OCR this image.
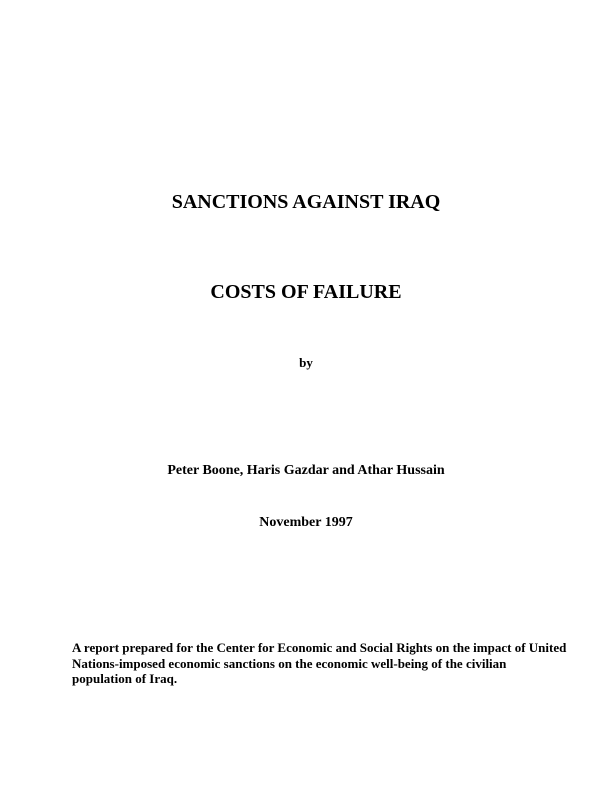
SANCTIONS AGAINST IRAQ
COSTS OF FAILURE
by
Peter Boone, Haris Gazdar and Athar Hussain
November 1997
A report prepared for the Center for Economic and Social Rights on the impact of United
Nations-imposed economic sanctions on the economic well-being of the civilian
population of Iraq.
